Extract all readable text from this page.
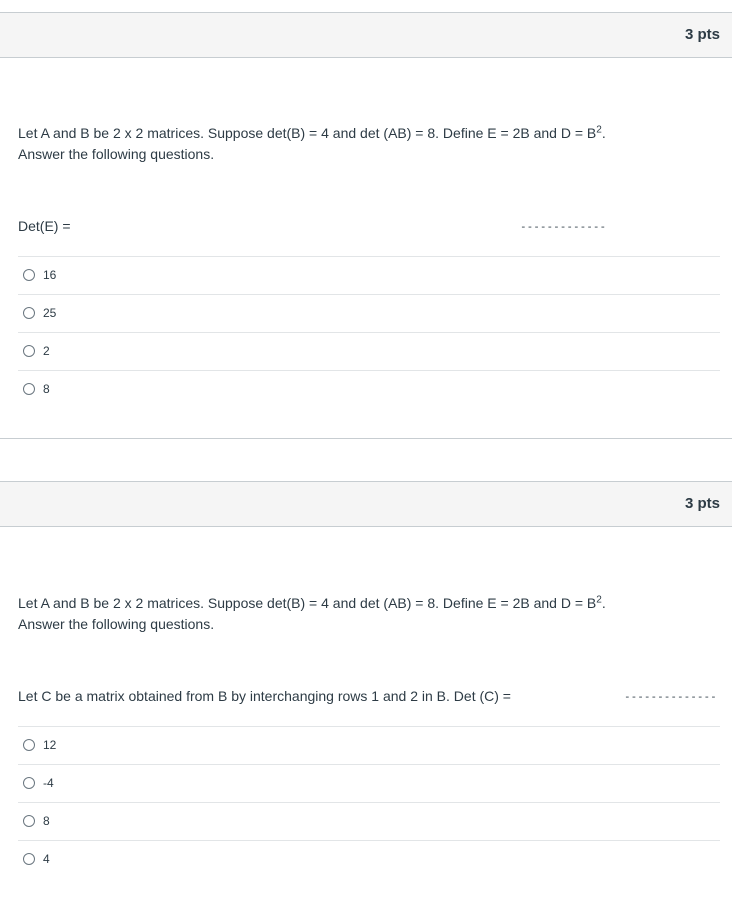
3 pts
Let A and B be 2 x 2 matrices. Suppose det(B) = 4 and det (AB) = 8. Define E = 2B and $D = B^2$.
Answer the following questions.
Det(E) =	-------------
16
25
2
8
3 pts
Let A and B be 2 x 2 matrices. Suppose det(B) = 4 and det (AB) = 8. Define E = 2B and $D = B^2$.
Answer the following questions.
Let C be a matrix obtained from B by interchanging rows 1 and 2 in B. Det (C) =	--------------
12
-4
8
4
